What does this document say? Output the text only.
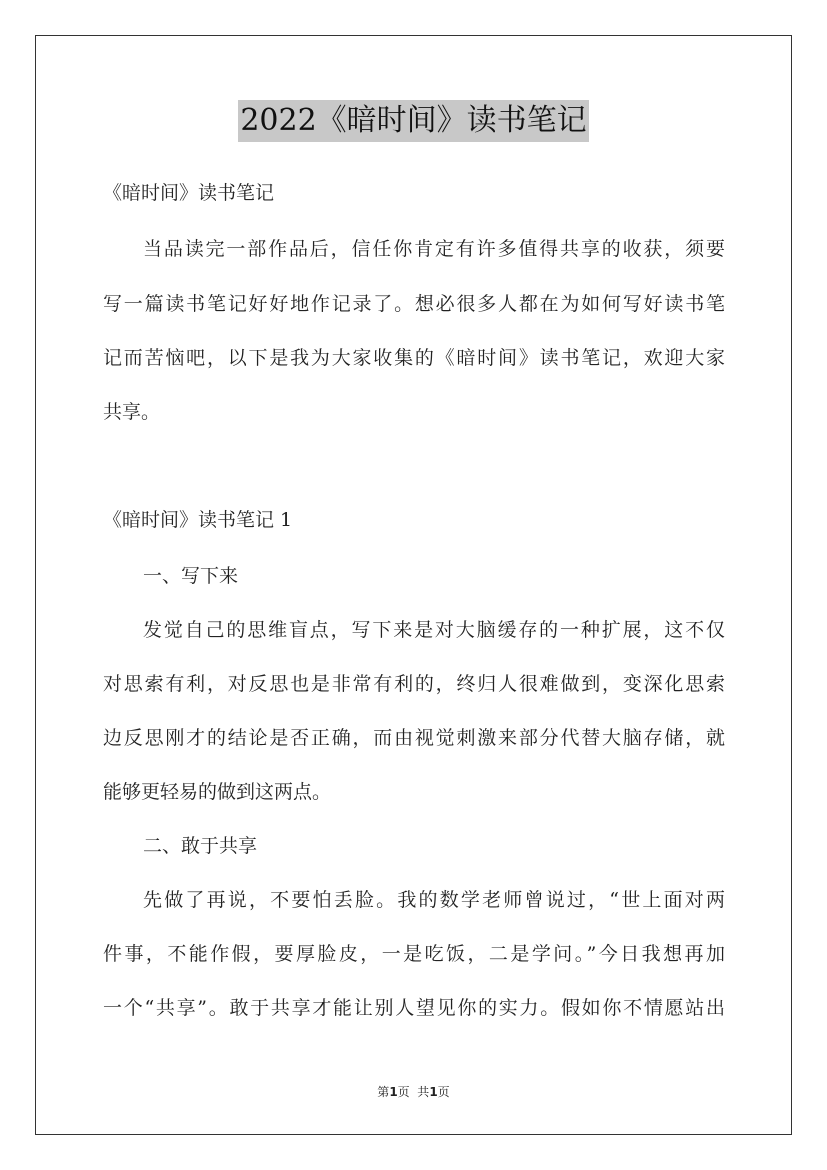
2022《暗时间》读书笔记
《暗时间》读书笔记
当品读完一部作品后，信任你肯定有许多值得共享的收获，须要
写一篇读书笔记好好地作记录了。想必很多人都在为如何写好读书笔
记而苦恼吧，以下是我为大家收集的《暗时间》读书笔记，欢迎大家
共享。
《暗时间》读书笔记 1
一、写下来
发觉自己的思维盲点，写下来是对大脑缓存的一种扩展，这不仅
对思索有利，对反思也是非常有利的，终归人很难做到，变深化思索
边反思刚才的结论是否正确，而由视觉刺激来部分代替大脑存储，就
能够更轻易的做到这两点。
二、敢于共享
先做了再说，不要怕丢脸。我的数学老师曾说过，“世上面对两
件事，不能作假，要厚脸皮，一是吃饭，二是学问。”今日我想再加
一个“共享”。敢于共享才能让别人望见你的实力。假如你不情愿站出
第1页  共1页
